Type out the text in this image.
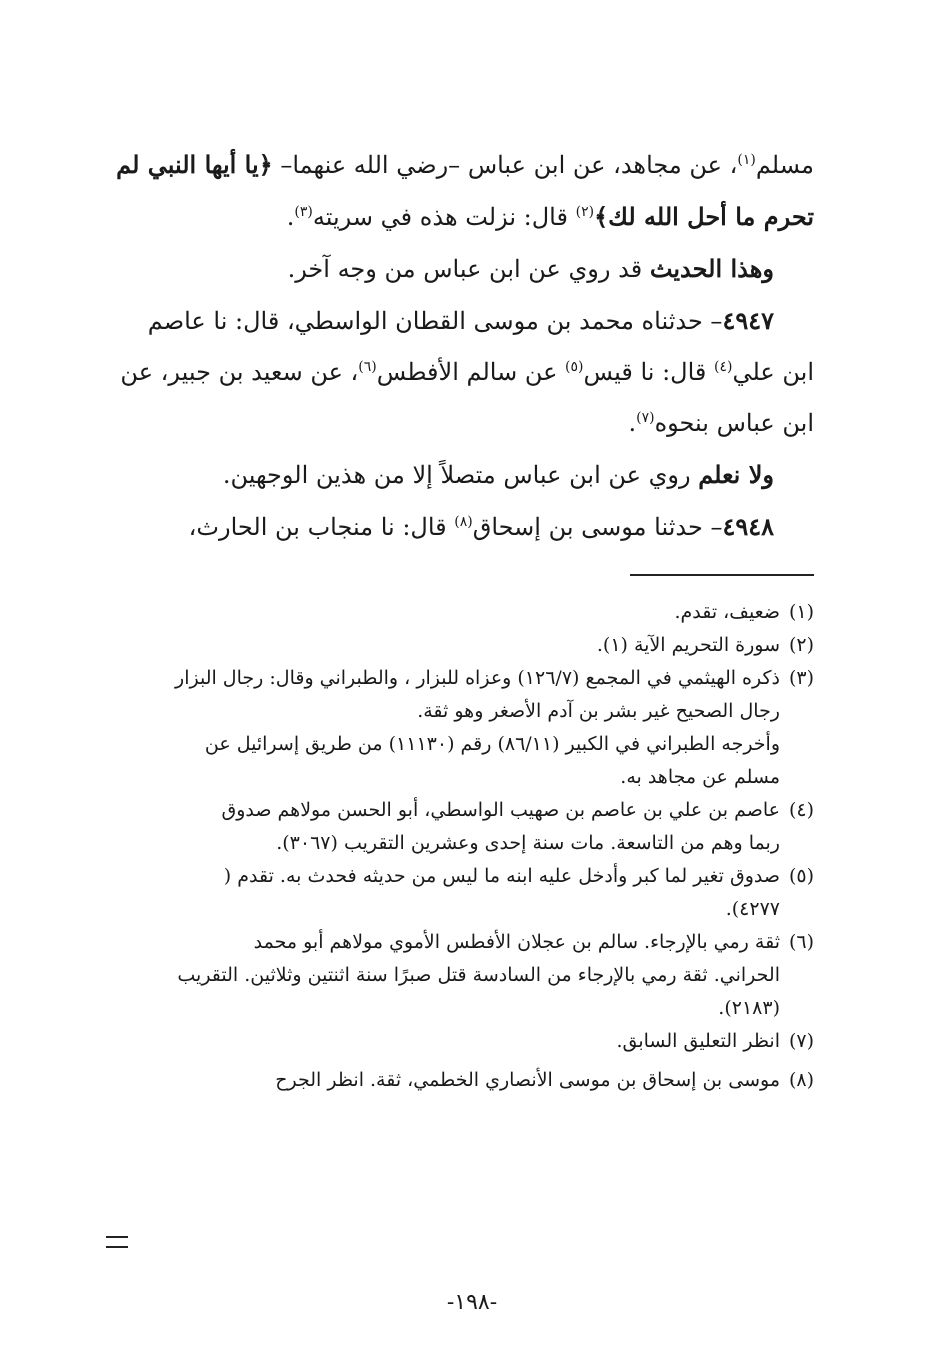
مسلم$^{(١)}$، عن مجاهد، عن ابن عباس –رضي الله عنهما– ﴿يا أيها النبي لم
تحرم ما أحل الله لك﴾$^{(٢)}$ قال: نزلت هذه في سريته$^{(٣)}$.
وهذا الحديث قد روي عن ابن عباس من وجه آخر.
٤٩٤٧– حدثناه محمد بن موسى القطان الواسطي، قال: نا عاصم
ابن علي$^{(٤)}$ قال: نا قيس$^{(٥)}$ عن سالم الأفطس$^{(٦)}$، عن سعيد بن جبير، عن
ابن عباس بنحوه$^{(٧)}$.
ولا نعلم روي عن ابن عباس متصلاً إلا من هذين الوجهين.
٤٩٤٨– حدثنا موسى بن إسحاق$^{(٨)}$ قال: نا منجاب بن الحارث،
(١)
ضعيف، تقدم.
(٢)
سورة التحريم الآية (١).
(٣)
ذكره الهيثمي في المجمع (١٢٦/٧) وعزاه للبزار ، والطبراني وقال: رجال البزار
رجال الصحيح غير بشر بن آدم الأصغر وهو ثقة.
وأخرجه الطبراني في الكبير (٨٦/١١) رقم (١١١٣٠) من طريق إسرائيل عن
مسلم عن مجاهد به.
(٤)
عاصم بن علي بن عاصم بن صهيب الواسطي، أبو الحسن مولاهم صدوق
ربما وهم من التاسعة. مات سنة إحدى وعشرين التقريب (٣٠٦٧).
(٥)
صدوق تغير لما كبر وأدخل عليه ابنه ما ليس من حديثه فحدث به. تقدم (
٤٢٧٧).
(٦)
ثقة رمي بالإرجاء. سالم بن عجلان الأفطس الأموي مولاهم أبو محمد
الحراني. ثقة رمي بالإرجاء من السادسة قتل صبرًا سنة اثنتين وثلاثين. التقريب
(٢١٨٣).
(٧)
انظر التعليق السابق.
(٨)
موسى بن إسحاق بن موسى الأنصاري الخطمي، ثقة. انظر الجرح
-١٩٨-
